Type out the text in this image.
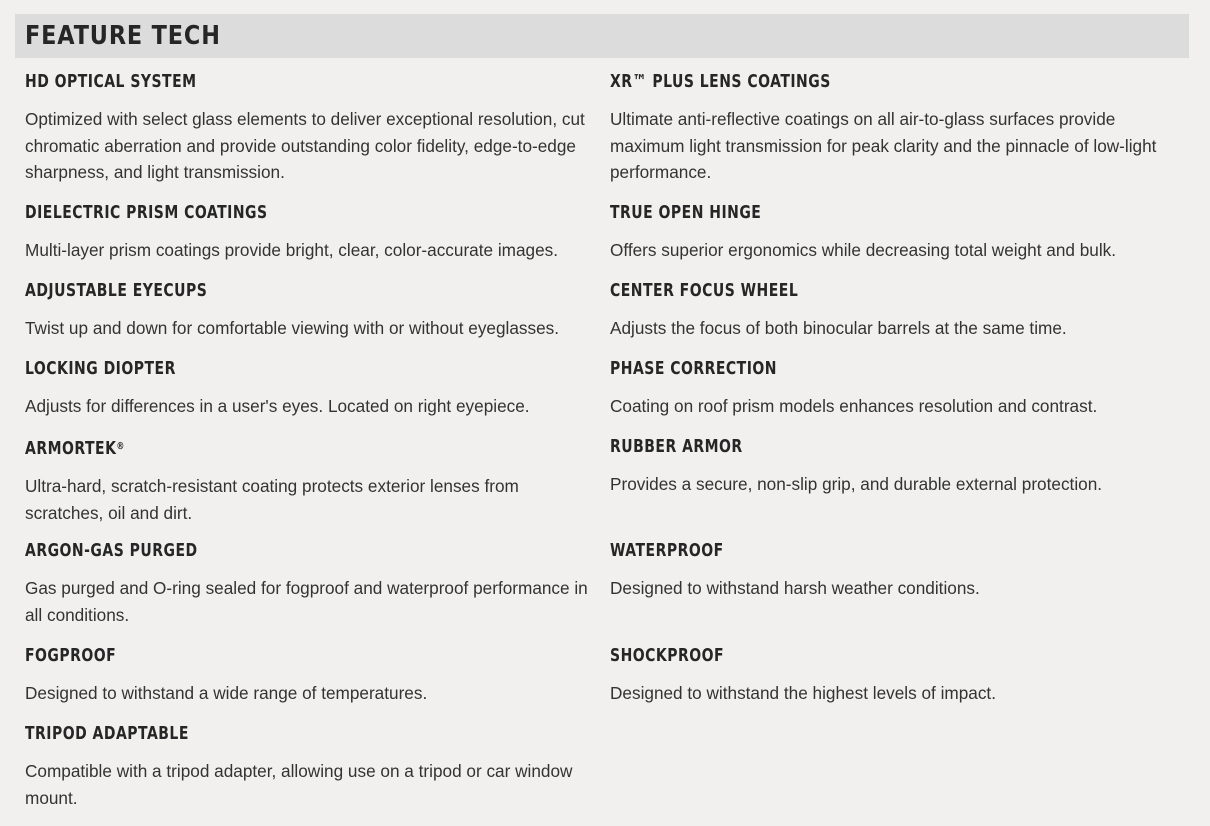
FEATURE TECH
HD OPTICAL SYSTEM

Optimized with select glass elements to deliver exceptional resolution, cut chromatic aberration and provide outstanding color fidelity, edge-to-edge sharpness, and light transmission.

DIELECTRIC PRISM COATINGS

Multi-layer prism coatings provide bright, clear, color-accurate images.

ADJUSTABLE EYECUPS

Twist up and down for comfortable viewing with or without eyeglasses.

LOCKING DIOPTER

Adjusts for differences in a user's eyes. Located on right eyepiece.

ARMORTEK®

Ultra-hard, scratch-resistant coating protects exterior lenses from scratches, oil and dirt.

ARGON-GAS PURGED

Gas purged and O-ring sealed for fogproof and waterproof performance in all conditions.

FOGPROOF

Designed to withstand a wide range of temperatures.

TRIPOD ADAPTABLE

Compatible with a tripod adapter, allowing use on a tripod or car window mount.

XR™ PLUS LENS COATINGS

Ultimate anti-reflective coatings on all air-to-glass surfaces provide maximum light transmission for peak clarity and the pinnacle of low-light performance.

TRUE OPEN HINGE

Offers superior ergonomics while decreasing total weight and bulk.

CENTER FOCUS WHEEL

Adjusts the focus of both binocular barrels at the same time.

PHASE CORRECTION

Coating on roof prism models enhances resolution and contrast.

RUBBER ARMOR

Provides a secure, non-slip grip, and durable external protection.

WATERPROOF

Designed to withstand harsh weather conditions.

SHOCKPROOF

Designed to withstand the highest levels of impact.
